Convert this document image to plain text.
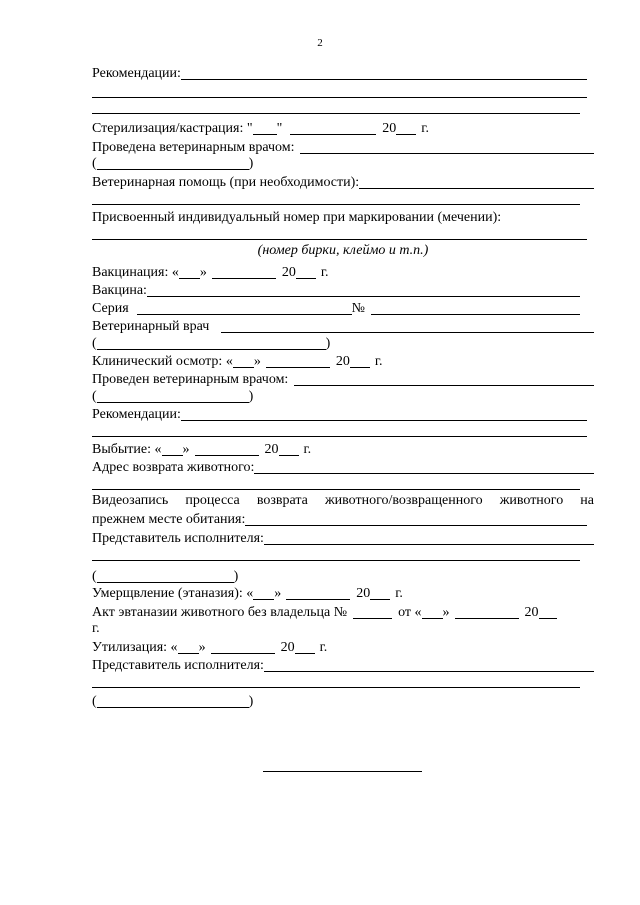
2
Рекомендации:
Стерилизация/кастрация: " "	20 г.
Проведена ветеринарным врачом:
(	)
Ветеринарная помощь (при необходимости):
Присвоенный индивидуальный номер при маркировании (мечении):
(номер бирки, клеймо и т.п.)
Вакцинация: « »	20 г.
Вакцина:
Серия	№
Ветеринарный врач
(	)
Клинический осмотр: « »	20 г.
Проведен ветеринарным врачом:
(	)
Рекомендации:
Выбытие: « »	20 г.
Адрес возврата животного:
Видеозапись процесса возврата животного/возвращенного животного на
прежнем месте обитания:
Представитель исполнителя:
(	)
Умерщвление (этаназия): « »	20 г.
Акт эвтаназии животного без владельца №	от « »	20
г.
Утилизация: « »	20 г.
Представитель исполнителя:
(	)
